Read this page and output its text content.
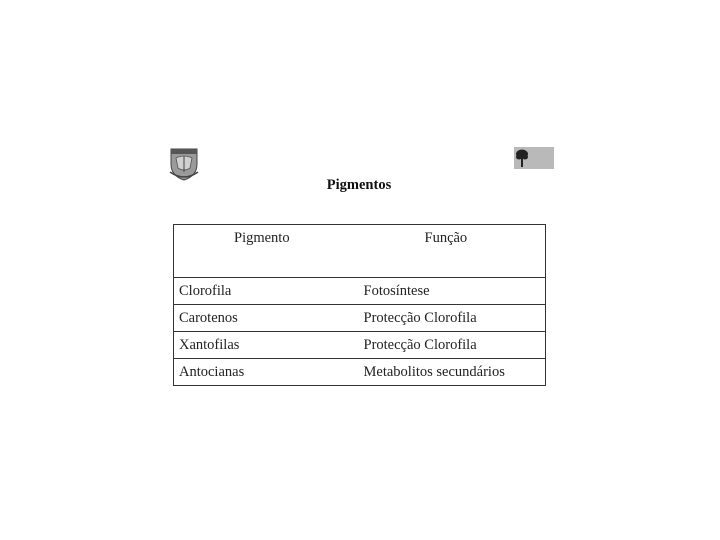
Pigmentos
Pigmento	Função
Clorofila	Fotosíntese
Carotenos	Protecção Clorofila
Xantofilas	Protecção Clorofila
Antocianas	Metabolitos secundários
